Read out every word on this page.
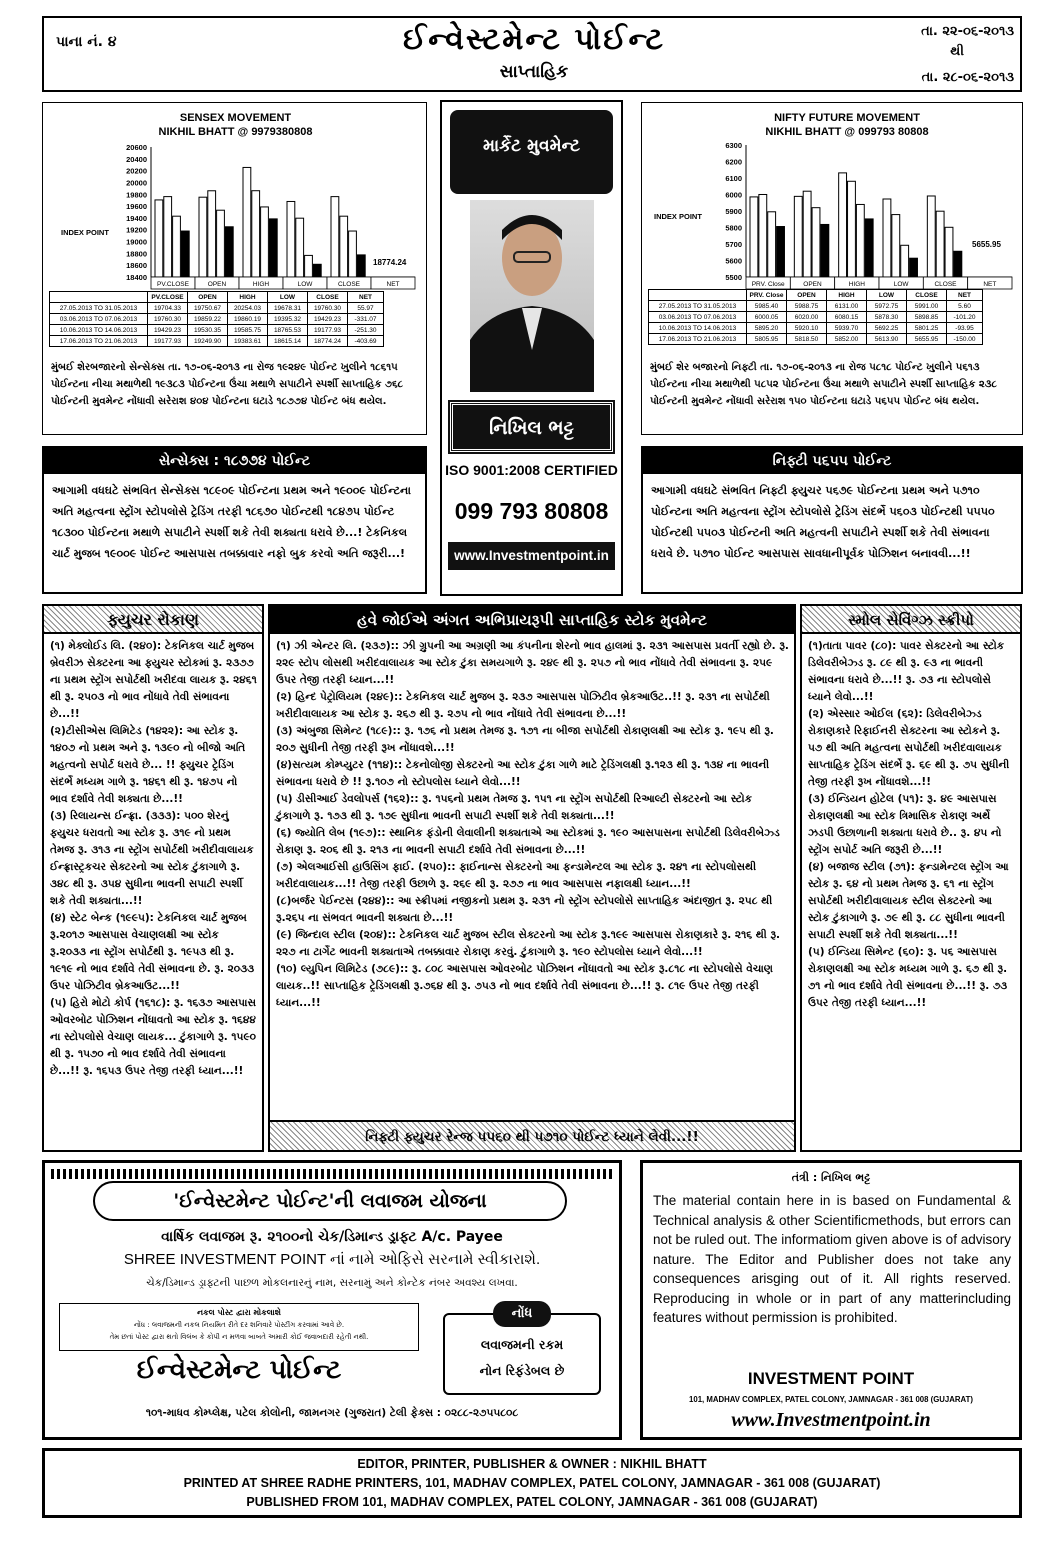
પાના નં. ૪	ઈન્વેસ્ટમેન્ટ પોઈન્ટ
સાપ્તાહિક
તા. ૨૨-૦૬-૨૦૧૩
થી
તા. ૨૮-૦૬-૨૦૧૩
SENSEX MOVEMENT
NIKHIL BHATT @ 9979380808
20600
20400
20200
20000
19800
19600
19400
19200
19000
18800
18600
18400
INDEX POINT
PV.CLOSE	OPEN	HIGH	LOW	CLOSE	NET
18774.24
	PV.CLOSE	OPEN	HIGH	LOW	CLOSE	NET
27.05.2013 TO 31.05.2013	19704.33	19750.67	20254.03	19678.31	19760.30	55.97
03.06.2013 TO 07.06.2013	19760.30	19859.22	19860.19	19395.32	19429.23	-331.07
10.06.2013 TO 14.06.2013	19429.23	19530.35	19585.75	18765.53	19177.93	-251.30
17.06.2013 TO 21.06.2013	19177.93	19249.90	19383.61	18615.14	18774.24	-403.69
મુંબઈ શેરબજારનો સેન્સેક્સ તા. ૧૭-૦૬-૨૦૧૩ ના રોજ ૧૯૨૪૯ પોઈન્ટ ખુલીને ૧૮૬૧૫ પોઈન્ટના નીચા મથાળેથી ૧૯૩૮૩ પોઈન્ટના ઉંચા મથાળે સપાટીને સ્પર્શી સાપ્તાહિક ૭૬૮ પોઈન્ટની મુવમેન્ટ નોંધાવી સરેરાશ ૪૦૪ પોઈન્ટના ઘટાડે ૧૮૭૭૪ પોઈન્ટ બંધ થયેલ.
માર્કેટ મુવમેન્ટ
નિખિલ ભટ્ટ
ISO 9001:2008 CERTIFIED
099 793 80808
www.Investmentpoint.in
NIFTY FUTURE MOVEMENT
NIKHIL BHATT @ 099793 80808
6300
6200
6100
6000
5900
5800
5700
5600
5500
INDEX POINT
PRV. Close	OPEN	HIGH	LOW	CLOSE	NET
5655.95
	PRV. Close	OPEN	HIGH	LOW	CLOSE	NET
27.05.2013 TO 31.05.2013	5985.40	5988.75	6131.00	5972.75	5991.00	5.60
03.06.2013 TO 07.06.2013	6000.05	6020.00	6080.15	5878.30	5898.85	-101.20
10.06.2013 TO 14.06.2013	5895.20	5920.10	5939.70	5692.25	5801.25	-93.95
17.06.2013 TO 21.06.2013	5805.95	5818.50	5852.00	5613.90	5655.95	-150.00
મુંબઈ શેર બજારનો નિફ્ટી તા. ૧૭-૦૬-૨૦૧૩ ના રોજ ૫૮૧૮ પોઈન્ટ ખુલીને ૫૬૧૩ પોઈન્ટના નીચા મથાળેથી ૫૮૫૨ પોઈન્ટના ઉંચા મથાળે સપાટીને સ્પર્શી સાપ્તાહિક ૨૩૮ પોઈન્ટની મુવમેન્ટ નોંધાવી સરેરાશ ૧૫૦ પોઈન્ટના ઘટાડે ૫૬૫૫ પોઈન્ટ બંધ થયેલ.
સેન્સેક્સ : ૧૮૭૭૪ પોઈન્ટ
આગામી વધઘટે સંભવિત સેન્સેક્સ ૧૮૯૦૯ પોઈન્ટના પ્રથમ અને ૧૯૦૦૯ પોઈન્ટના અતિ મહત્વના સ્ટ્રોંગ સ્ટોપલોસે ટ્રેડિંગ તરફી ૧૮૬૭૦ પોઈન્ટથી ૧૮૪૭૫ પોઈન્ટ ૧૮૩૦૦ પોઈન્ટના મથાળે સપાટીને સ્પર્શી શકે તેવી શક્યતા ધરાવે છે...! ટેકનિકલ ચાર્ટ મુજબ ૧૯૦૦૯ પોઈન્ટ આસપાસ તબક્કાવાર નફો બુક કરવો અતિ જરૂરી...!
નિફ્ટી ૫૬૫૫ પોઈન્ટ
આગામી વધઘટે સંભવિત નિફ્ટી ફ્યુચર ૫૬૭૯ પોઈન્ટના પ્રથમ અને ૫૭૧૦ પોઈન્ટના અતિ મહત્વના સ્ટ્રોંગ સ્ટોપલોસે ટ્રેડિંગ સંદર્ભે ૫૬૦૩ પોઈન્ટથી ૫૫૫૦ પોઈન્ટથી ૫૫૦૩ પોઈન્ટની અતિ મહત્વની સપાટીને સ્પર્શી શકે તેવી સંભાવના ધરાવે છે. ૫૭૧૦ પોઈન્ટ આસપાસ સાવધાનીપૂર્વક પોઝિશન બનાવવી...!!
ફ્યુચર રોકાણ

(૧) મેક્લોઈડ લિ. (૨૪૦): ટેકનિકલ ચાર્ટ મુજબ બ્રેવરીઝ સેક્ટરના આ ફ્યુચર સ્ટોકમાં રૂ. ૨૩૭૭ ના પ્રથમ સ્ટ્રોંગ સપોર્ટથી ખરીદવા લાયક રૂ. ૨૪૬૧ થી રૂ. ૨૫૦૩ નો ભાવ નોંધાવે તેવી સંભાવના છે...!!

(૨)ટીસીએસ લિમિટેડ (૧૪૨૨): આ સ્ટોક રૂ. ૧૪૦૭ નો પ્રથમ અને રૂ. ૧૩૯૦ નો બીજો અતિ મહત્વનો સપોર્ટ ધરાવે છે... !! ફ્યુચર ટ્રેડિંગ સંદર્ભે મધ્યમ ગાળે રૂ. ૧૪૬૧ થી રૂ. ૧૪૭૫ નો ભાવ દર્શાવે તેવી શક્યતા છે...!!

(૩) રિલાયન્સ ઈન્ફ્રા. (૩૩૩): ૫૦૦ શેરનું ફ્યુચર ધરાવતો આ સ્ટોક રૂ. ૩૧૯ નો પ્રથમ તેમજ રૂ. ૩૧૩ ના સ્ટ્રોંગ સપોર્ટથી ખરીદીવાલાયક ઈન્ફ્રાસ્ટ્રકચર સેક્ટરનો આ સ્ટોક ટુંકાગાળે રૂ. ૩૪૮ થી રૂ. ૩૫૪ સુધીના ભાવની સપાટી સ્પર્શી શકે તેવી શક્યતા...!!

(૪) સ્ટેટ બેન્ક (૧૯૯૫): ટેકનિકલ ચાર્ટ મુજબ રૂ.૨૦૧૭ આસપાસ વેચાણલક્ષી આ સ્ટોક રૂ.૨૦૩૩ ના સ્ટ્રોંગ સપોર્ટથી રૂ. ૧૯૫૩ થી રૂ. ૧૯૧૯ નો ભાવ દર્શાવે તેવી સંભાવના છે. રૂ. ૨૦૩૩ ઉપર પોઝિટીવ બ્રેકઆઉટ...!!

(૫) હિરો મોટો કોર્પ (૧૬૧૮): રૂ. ૧૬૩૭ આસપાસ ઓવરબોટ પોઝિશન નોંધાવતો આ સ્ટોક રૂ. ૧૬૪૪ ના સ્ટોપલોસે વેચાણ લાયક... ટુંકાગાળે રૂ. ૧૫૯૦ થી રૂ. ૧૫૭૦ નો ભાવ દર્શાવે તેવી સંભાવના છે...!! રૂ. ૧૬૫૩ ઉપર તેજી તરફી ધ્યાન...!!

હવે જોઈએ અંગત અભિપ્રાયરૂપી સાપ્તાહિક સ્ટોક મુવમેન્ટ

(૧) ઝી એન્ટર લિ. (૨૩૭):: ઝી ગ્રુપની આ અગ્રણી આ કંપનીના શેરનો ભાવ હાલમાં રૂ. ૨૩૧ આસપાસ પ્રવર્તી રહ્યો છે. રૂ. ૨૨૯ સ્ટોપ લોસથી ખરીદવાલાયક આ સ્ટોક ટુંકા સમયગાળે રૂ. ૨૪૯ થી રૂ. ૨૫૭ નો ભાવ નોંધાવે તેવી સંભાવના રૂ. ૨૫૯ ઉપર તેજી તરફી ધ્યાન...!!

(૨) હિન્દ પેટ્રોલિયમ (૨૪૯):: ટેકનિકલ ચાર્ટ મુજબ રૂ. ૨૩૭ આસપાસ પોઝિટીવ બ્રેકઆઉટ..!! રૂ. ૨૩૧ ના સપોર્ટથી ખરીદીવાલાયક આ સ્ટોક રૂ. ૨૬૭ થી રૂ. ૨૭૫ નો ભાવ નોંધાવે તેવી સંભાવના છે...!!

(૩) અંબુજા સિમેન્ટ (૧૮૯):: રૂ. ૧૭૬ નો પ્રથમ તેમજ રૂ. ૧૭૧ ના બીજા સપોર્ટથી રોકાણલક્ષી આ સ્ટોક રૂ. ૧૯૫ થી રૂ. ૨૦૭ સુધીની તેજી તરફી રૂખ નોંધાવશે...!!

(૪)સત્યમ કોમ્પ્યુટર (૧૧૪):: ટેકનોલોજી સેક્ટરનો આ સ્ટોક ટુંકા ગાળે માટે ટ્રેડિંગલક્ષી રૂ.૧૨૩ થી રૂ. ૧૩૪ ના ભાવની સંભાવના ધરાવે છે !! રૂ.૧૦૭ નો સ્ટોપલોસ ધ્યાને લેવો...!!

(૫) ડીસીઆઈ ડેવલોપર્સ (૧૬૨):: રૂ. ૧૫૬નો પ્રથમ તેમજ રૂ. ૧૫૧ ના સ્ટ્રોંગ સપોર્ટથી રિઆલ્ટી સેક્ટરનો આ સ્ટોક ટુંકાગાળે રૂ. ૧૭૩ થી રૂ. ૧૭૯ સુધીના ભાવની સપાટી સ્પર્શી શકે તેવી શક્યતા...!!

(૬) જ્યોતિ લેબ (૧૯૭):: સ્થાનિક ફંડોની લેવાલીની શક્યતાએ આ સ્ટોકમાં રૂ. ૧૯૦ આસપાસના સપોર્ટથી ડિલેવરીબેઝ્ડ રોકાણ રૂ. ૨૦૬ થી રૂ. ૨૧૩ ના ભાવની સપાટી દર્શાવે તેવી સંભાવના છે...!!

(૭) એલઆઈસી હાઉસિંગ ફાઈ. (૨૫૦):: ફાઈનાન્સ સેક્ટરનો આ ફન્ડામેન્ટલ આ સ્ટોક રૂ. ૨૪૧ ના સ્ટોપલોસથી ખરીદવાલાયક...!! તેજી તરફી ઉછાળે રૂ. ૨૬૯ થી રૂ. ૨૭૭ ના ભાવ આસપાસ નફાલક્ષી ધ્યાન...!!

(૮)બર્જર પેઈન્ટસ (૨૪૪):: આ સ્ક્રીપમાં નજીકનો પ્રથમ રૂ. ૨૩૧ નો સ્ટ્રોંગ સ્ટોપલોસે સાપ્તાહિક અંદાજીત રૂ. ૨૫૮ થી રૂ.૨૬૫ ના સંભવત ભાવની શક્યતા છે...!!

(૯) જિન્દાલ સ્ટીલ (૨૦૪):: ટેકનિકલ ચાર્ટ મુજબ સ્ટીલ સેક્ટરનો આ સ્ટોક રૂ.૧૯૯ આસપાસ રોકાણકારે રૂ. ૨૧૬ થી રૂ. ૨૨૭ ના ટાર્ગેટ ભાવની શક્યતાએ તબક્કાવાર રોકાણ કરવું. ટુંકાગાળે રૂ. ૧૯૦ સ્ટોપલોસ ધ્યાને લેવો...!!

(૧૦) લ્યુપિન લિમિટેડ (૭૮૯):: રૂ. ૮૦૮ આસપાસ ઓવરબોટ પોઝિશન નોંધાવતો આ સ્ટોક રૂ.૮૧૮ ના સ્ટોપલોસે વેચાણ લાયક..!! સાપ્તાહિક ટ્રેડિંગલક્ષી રૂ.૭૬૪ થી રૂ. ૭૫૩ નો ભાવ દર્શાવે તેવી સંભાવના છે...!! રૂ. ૮૧૯ ઉપર તેજી તરફી ધ્યાન...!!

નિફ્ટી ફ્યુચર રેન્જ ૫૫૬૦ થી ૫૭૧૦ પોઈન્ટ ધ્યાને લેવી...!!
સ્મોલ સેવિંગ્ઝ સ્ક્રીપો

(૧)તાતા પાવર (૮૦): પાવર સેક્ટરનો આ સ્ટોક ડિલેવરીબેઝ્ડ રૂ. ૮૯ થી રૂ. ૯૩ ના ભાવની સંભાવના ધરાવે છે...!! રૂ. ૭૩ ના સ્ટોપલોસે ધ્યાને લેવો...!!

(૨) એસ્સાર ઓઈલ (૬૨): ડિલેવરીબેઝ્ડ રોકાણકારે રિફાઈનરી સેક્ટરના આ સ્ટોકને રૂ. ૫૭ થી અતિ મહત્વના સપોર્ટથી ખરીદવાલાયક સાપ્તાહિક ટ્રેડિંગ સંદર્ભે રૂ. ૬૯ થી રૂ. ૭૫ સુધીની તેજી તરફી રૂખ નોંધાવશે...!!

(૩) ઈન્ડિયન હોટેલ (૫૧): રૂ. ૪૯ આસપાસ રોકાણલક્ષી આ સ્ટોક ત્રિમાસિક રોકાણ અર્થે ઝડપી ઉછાળાની શક્યતા ધરાવે છે.. રૂ. ૪૫ નો સ્ટ્રોંગ સપોર્ટ અતિ જરૂરી છે...!!

(૪) બજાજ સ્ટીલ (૭૧): ફન્ડામેન્ટલ સ્ટ્રોંગ આ સ્ટોક રૂ. ૬૪ નો પ્રથમ તેમજ રૂ. ૬૧ ના સ્ટ્રોંગ સપોર્ટથી ખરીદીવાલાયક સ્ટીલ સેક્ટરનો આ સ્ટોક ટુંકાગાળે રૂ. ૭૯ થી રૂ. ૮૮ સુધીના ભાવની સપાટી સ્પર્શી શકે તેવી શક્યતા...!!

(૫) ઈન્ડિયા સિમેન્ટ (૬૦): રૂ. ૫૬ આસપાસ રોકાણલક્ષી આ સ્ટોક મધ્યમ ગાળે રૂ. ૬૭ થી રૂ. ૭૧ નો ભાવ દર્શાવે તેવી સંભાવના છે...!! રૂ. ૭૩ ઉપર તેજી તરફી ધ્યાન...!!

'ઈન્વેસ્ટમેન્ટ પોઈન્ટ'ની લવાજમ યોજના
વાર્ષિક લવાજમ રૂ. ૨૧૦૦નો ચેક/ડિમાન્ડ ડ્રાફ્ટ A/c. Payee
SHREE INVESTMENT POINT નાં નામે ઓફિસે સરનામે સ્વીકારાશે.
ચેક/ડિમાન્ડ ડ્રાફ્ટની પાછળ મોકલનારનું નામ, સરનામું અને કોન્ટેક નંબર અવશ્ય લખવા.
નકલ પોસ્ટ દ્વારા મોકલાશે
નોંધ : લવાજમની નકલ નિયમિત રીતે દર શનિવારે પોસ્ટીંગ કરવામાં આવે છે.
તેમ છતાં પોસ્ટ દ્વારા થતો વિલંબ કે કોપી ન મળવા બાબતે અમારી કોઈ જવાબદારી રહેતી નથી.
નોંધ
લવાજમની રકમ
નોન રિફંડેબલ છે
ઈન્વેસ્ટમેન્ટ પોઈન્ટ
૧૦૧-માધવ કોમ્પ્લેક્ષ, પટેલ કોલોની, જામનગર (ગુજરાત) ટેલી ફેક્સ : ૦૨૮૮-૨૭૫૫૮૦૮
તંત્રી : નિખિલ ભટ્ટ
The material contain here in is based on Fundamental & Technical analysis & other Scientificmethods, but errors can not be ruled out. The informatiom given above is of advisory nature. The Editor and Publisher does not take any consequences arisging out of it. All rights reserved. Reproducing in whole or in part of any matterincluding features without permission is prohibited.
INVESTMENT POINT
101, MADHAV COMPLEX, PATEL COLONY, JAMNAGAR - 361 008 (GUJARAT)
www.Investmentpoint.in
EDITOR, PRINTER, PUBLISHER & OWNER : NIKHIL BHATT
PRINTED AT SHREE RADHE PRINTERS, 101, MADHAV COMPLEX, PATEL COLONY, JAMNAGAR - 361 008 (GUJARAT)
PUBLISHED FROM 101, MADHAV COMPLEX, PATEL COLONY, JAMNAGAR - 361 008 (GUJARAT)
